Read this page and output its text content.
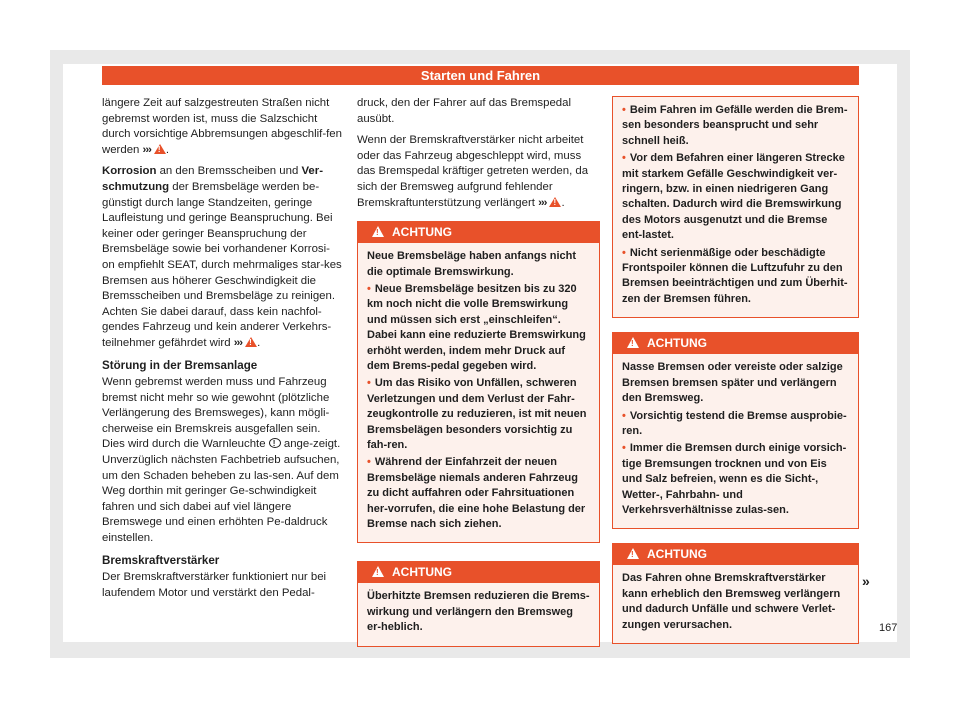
Starten und Fahren

längere Zeit auf salzgestreuten Straßen nicht gebremst worden ist, muss die Salzschicht durch vorsichtige Abbremsungen abgeschlif-fen werden ››› ! .

Korrosion an den Bremsscheiben und Ver-schmutzung der Bremsbeläge werden be-günstigt durch lange Standzeiten, geringe Laufleistung und geringe Beanspruchung. Bei keiner oder geringer Beanspruchung der Bremsbeläge sowie bei vorhandener Korrosi-on empfiehlt SEAT, durch mehrmaliges star-kes Bremsen aus höherer Geschwindigkeit die Bremsscheiben und Bremsbeläge zu reinigen. Achten Sie dabei darauf, dass kein nachfol-gendes Fahrzeug und kein anderer Verkehrs-teilnehmer gefährdet wird ››› ! .

Störung in der Bremsanlage

Wenn gebremst werden muss und Fahrzeug bremst nicht mehr so wie gewohnt (plötzliche Verlängerung des Bremsweges), kann mögli-cherweise ein Bremskreis ausgefallen sein. Dies wird durch die Warnleuchte ! ange-zeigt. Unverzüglich nächsten Fachbetrieb aufsuchen, um den Schaden beheben zu las-sen. Auf dem Weg dorthin mit geringer Ge-schwindigkeit fahren und sich dabei auf viel längere Bremswege und einen erhöhten Pe-daldruck einstellen.

Bremskraftverstärker

Der Bremskraftverstärker funktioniert nur bei laufendem Motor und verstärkt den Pedal-

druck, den der Fahrer auf das Bremspedal ausübt.

Wenn der Bremskraftverstärker nicht arbeitet oder das Fahrzeug abgeschleppt wird, muss das Bremspedal kräftiger getreten werden, da sich der Bremsweg aufgrund fehlender Bremskraftunterstützung verlängert ››› ! .

!ACHTUNG

Neue Bremsbeläge haben anfangs nicht die optimale Bremswirkung.

• Neue Bremsbeläge besitzen bis zu 320 km noch nicht die volle Bremswirkung und müssen sich erst „einschleifen“. Dabei kann eine reduzierte Bremswirkung erhöht werden, indem mehr Druck auf dem Brems-pedal gegeben wird.

• Um das Risiko von Unfällen, schweren Verletzungen und dem Verlust der Fahr-zeugkontrolle zu reduzieren, ist mit neuen Bremsbelägen besonders vorsichtig zu fah-ren.

• Während der Einfahrzeit der neuen Bremsbeläge niemals anderen Fahrzeug zu dicht auffahren oder Fahrsituationen her-vorrufen, die eine hohe Belastung der Bremse nach sich ziehen.

!ACHTUNG

Überhitzte Bremsen reduzieren die Brems-wirkung und verlängern den Bremsweg er-heblich.

• Beim Fahren im Gefälle werden die Brem-sen besonders beansprucht und sehr schnell heiß.

• Vor dem Befahren einer längeren Strecke mit starkem Gefälle Geschwindigkeit ver-ringern, bzw. in einen niedrigeren Gang schalten. Dadurch wird die Bremswirkung des Motors ausgenutzt und die Bremse ent-lastet.

• Nicht serienmäßige oder beschädigte Frontspoiler können die Luftzufuhr zu den Bremsen beeinträchtigen und zum Überhit-zen der Bremsen führen.

!ACHTUNG

Nasse Bremsen oder vereiste oder salzige Bremsen bremsen später und verlängern den Bremsweg.

• Vorsichtig testend die Bremse ausprobie-ren.

• Immer die Bremsen durch einige vorsich-tige Bremsungen trocknen und von Eis und Salz befreien, wenn es die Sicht-, Wetter-, Fahrbahn- und Verkehrsverhältnisse zulas-sen.

!ACHTUNG

Das Fahren ohne Bremskraftverstärker kann erheblich den Bremsweg verlängern und dadurch Unfälle und schwere Verlet-zungen verursachen.

»
167
